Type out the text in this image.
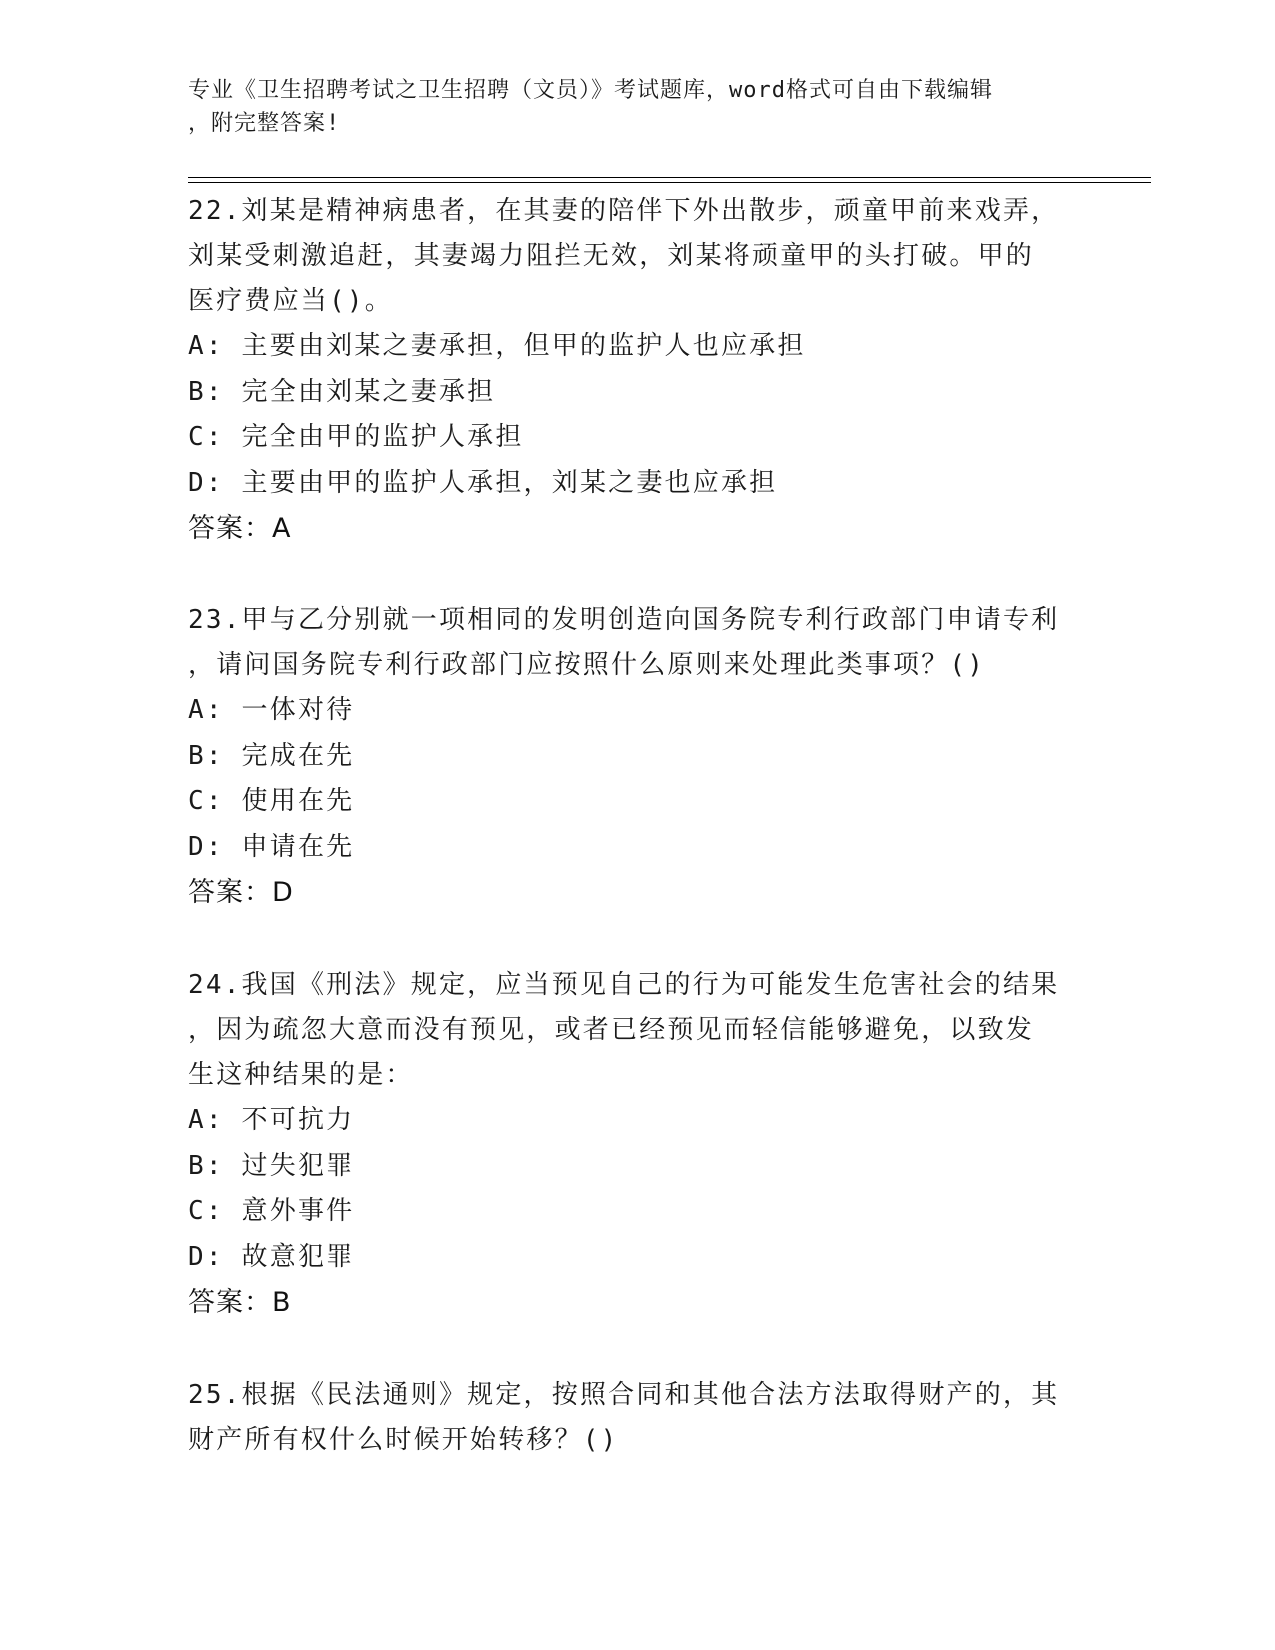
专业《卫生招聘考试之卫生招聘（文员）》考试题库，word格式可自由下载编辑
，附完整答案!
22.刘某是精神病患者，在其妻的陪伴下外出散步，顽童甲前来戏弄，
刘某受刺激追赶，其妻竭力阻拦无效，刘某将顽童甲的头打破。甲的
医疗费应当()。
A: 主要由刘某之妻承担，但甲的监护人也应承担
B: 完全由刘某之妻承担
C: 完全由甲的监护人承担
D: 主要由甲的监护人承担，刘某之妻也应承担
答案：A
23.甲与乙分别就一项相同的发明创造向国务院专利行政部门申请专利
，请问国务院专利行政部门应按照什么原则来处理此类事项？()
A: 一体对待
B: 完成在先
C: 使用在先
D: 申请在先
答案：D
24.我国《刑法》规定，应当预见自己的行为可能发生危害社会的结果
，因为疏忽大意而没有预见，或者已经预见而轻信能够避免，以致发
生这种结果的是：
A: 不可抗力
B: 过失犯罪
C: 意外事件
D: 故意犯罪
答案：B
25.根据《民法通则》规定，按照合同和其他合法方法取得财产的，其
财产所有权什么时候开始转移？()
